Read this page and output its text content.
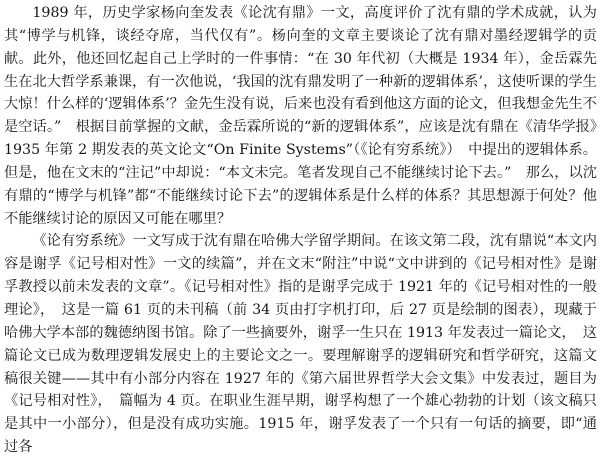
1989 年，历史学家杨向奎发表《论沈有鼎》一文，高度评价了沈有鼎的学术成就，认为其“博学与机锋，谈经夺席，当代仅有”。杨向奎的文章主要谈论了沈有鼎对墨经逻辑学的贡献。此外，他还回忆起自己上学时的一件事情：“在 30 年代初（大概是 1934 年），金岳霖先生在北大哲学系兼课，有一次他说，‘我国的沈有鼎发明了一种新的逻辑体系’，这使听课的学生大惊！什么样的‘逻辑体系’？金先生没有说，后来也没有看到他这方面的论文，但我想金先生不是空话。”　根据目前掌握的文献，金岳霖所说的“新的逻辑体系”，应该是沈有鼎在《清华学报》1935 年第 2 期发表的英文论文“On Finite Systems”（《论有穷系统》）　中提出的逻辑体系。但是，他在文末的“注记”中却说：“本文未完。笔者发现自己不能继续讨论下去。”　那么，以沈有鼎的“博学与机锋”都“不能继续讨论下去”的逻辑体系是什么样的体系？其思想源于何处？他不能继续讨论的原因又可能在哪里？

《论有穷系统》一文写成于沈有鼎在哈佛大学留学期间。在该文第二段，沈有鼎说“本文内容是谢孚《记号相对性》一文的续篇”，并在文末“附注”中说“文中讲到的《记号相对性》是谢孚教授以前未发表的文章”。《记号相对性》指的是谢孚完成于 1921 年的《记号相对性的一般理论》，　这是一篇 61 页的未刊稿（前 34 页由打字机打印，后 27 页是绘制的图表），现藏于哈佛大学本部的魏德纳图书馆。除了一些摘要外，谢孚一生只在 1913 年发表过一篇论文，　这篇论文已成为数理逻辑发展史上的主要论文之一。要理解谢孚的逻辑研究和哲学研究，这篇文稿很关键——其中有小部分内容在 1927 年的《第六届世界哲学大会文集》中发表过，题目为《记号相对性》，　篇幅为 4 页。在职业生涯早期，谢孚构想了一个雄心勃勃的计划（该文稿只是其中一小部分），但是没有成功实施。1915 年，谢孚发表了一个只有一句话的摘要，即“通过各
